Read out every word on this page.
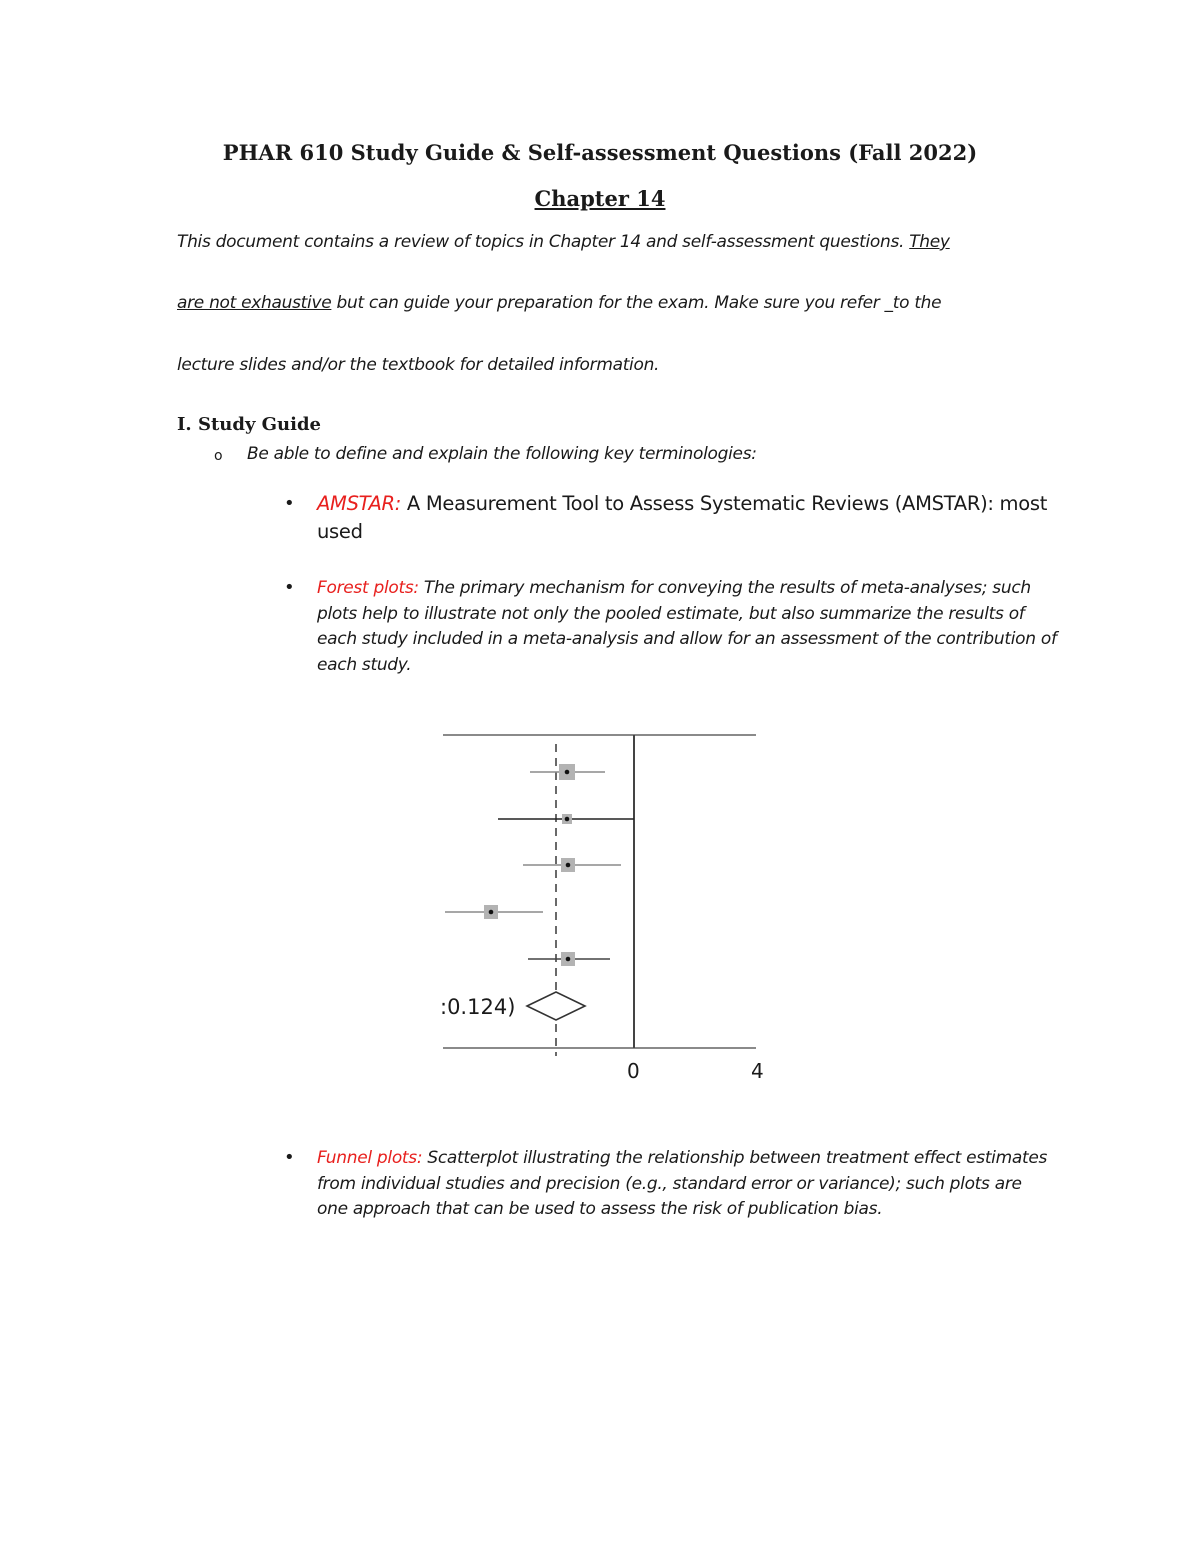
PHAR 610 Study Guide & Self-assessment Questions (Fall 2022)
Chapter 14
This document contains a review of topics in Chapter 14 and self-assessment questions. They
are not exhaustive but can guide your preparation for the exam. Make sure you refer _to the
lecture slides and/or the textbook for detailed information.
I. Study Guide
o Be able to define and explain the following key terminologies:
• AMSTAR: A Measurement Tool to Assess Systematic Reviews (AMSTAR): most used
• Forest plots: The primary mechanism for conveying the results of meta-analyses; such plots help to illustrate not only the pooled estimate, but also summarize the results of each study included in a meta-analysis and allow for an assessment of the contribution of each study.
:0.124)
0	4
• Funnel plots: Scatterplot illustrating the relationship between treatment effect estimates from individual studies and precision (e.g., standard error or variance); such plots are one approach that can be used to assess the risk of publication bias.
